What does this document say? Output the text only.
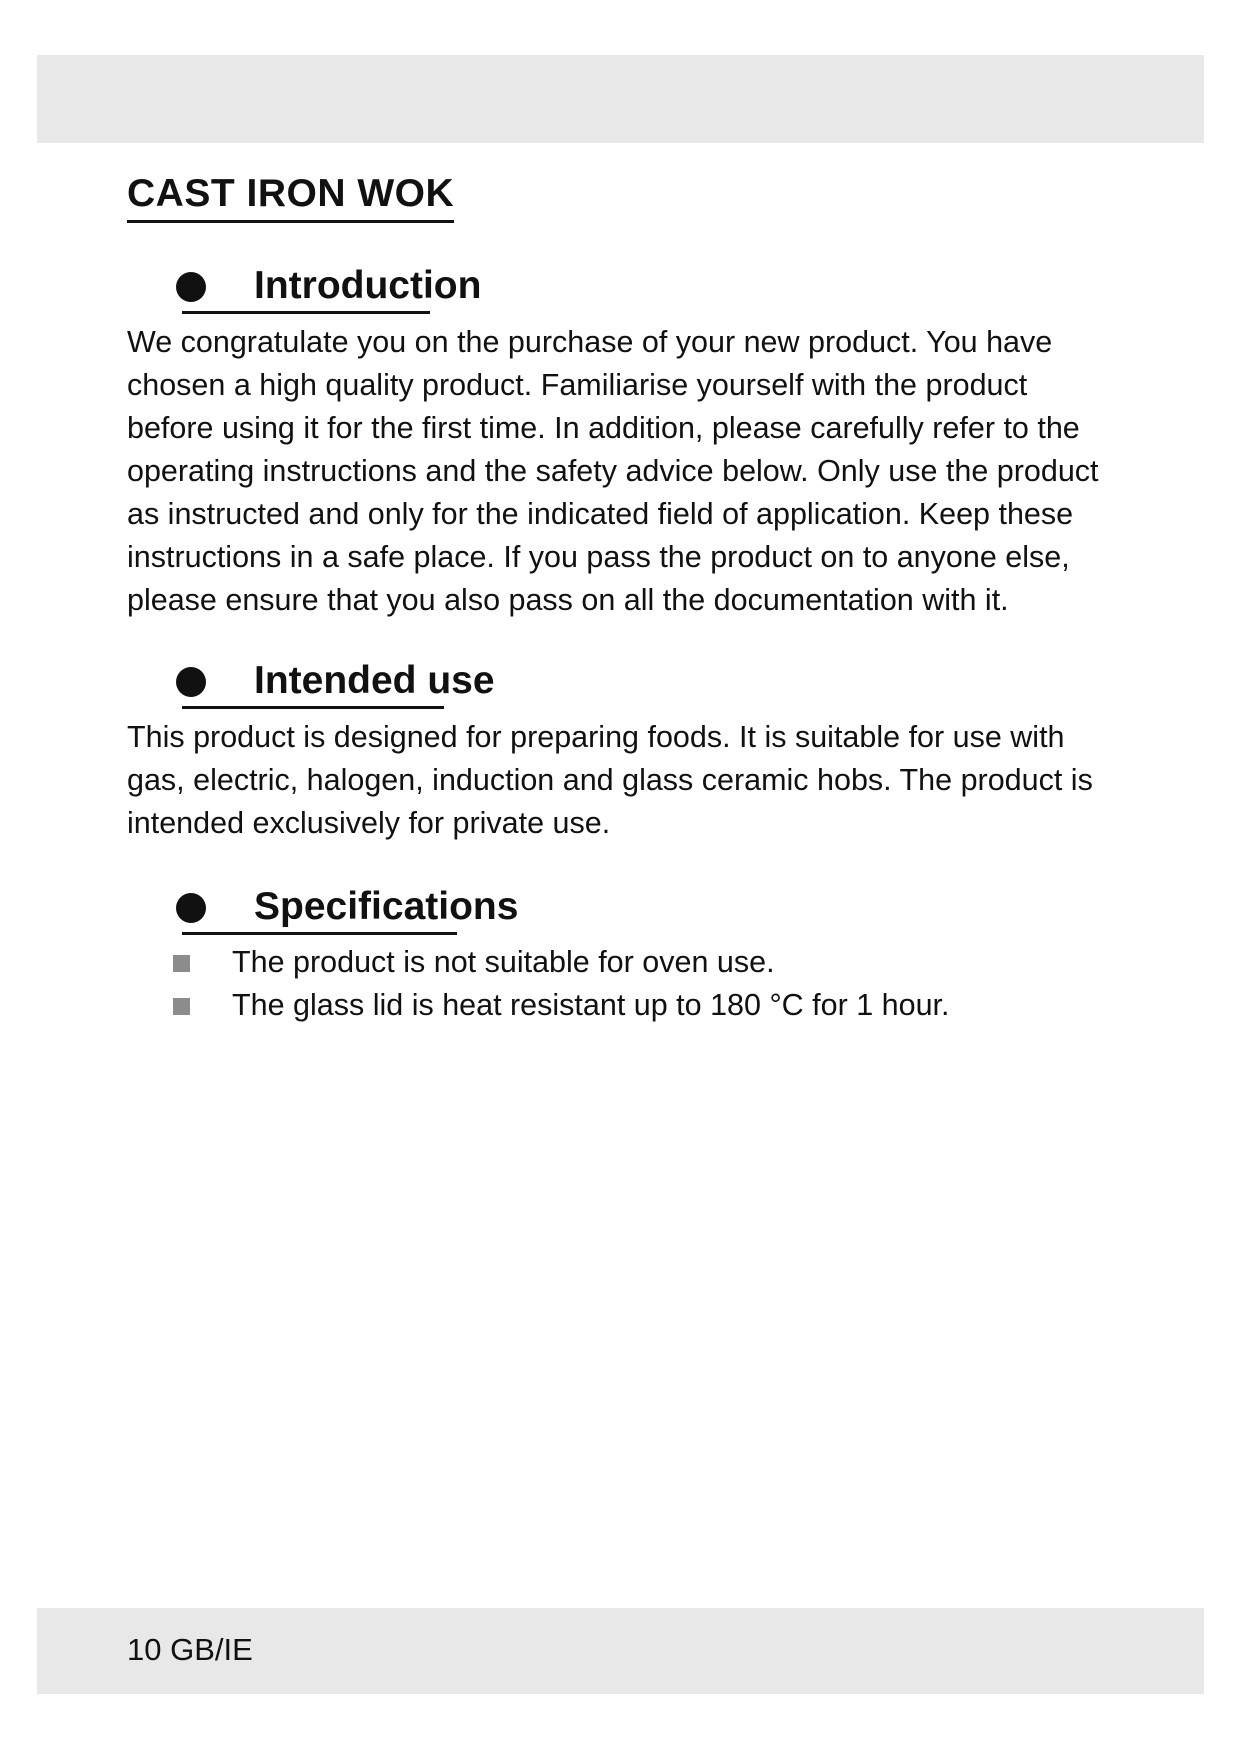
CAST IRON WOK
Introduction

We congratulate you on the purchase of your new product. You have
chosen a high quality product. Familiarise yourself with the product
before using it for the first time. In addition, please carefully refer to the
operating instructions and the safety advice below. Only use the product
as instructed and only for the indicated field of application. Keep these
instructions in a safe place. If you pass the product on to anyone else,
please ensure that you also pass on all the documentation with it.

Intended use

This product is designed for preparing foods. It is suitable for use with
gas, electric, halogen, induction and glass ceramic hobs. The product is
intended exclusively for private use.

Specifications
The product is not suitable for oven use.
The glass lid is heat resistant up to 180 °C for 1 hour.
10 GB/IE
